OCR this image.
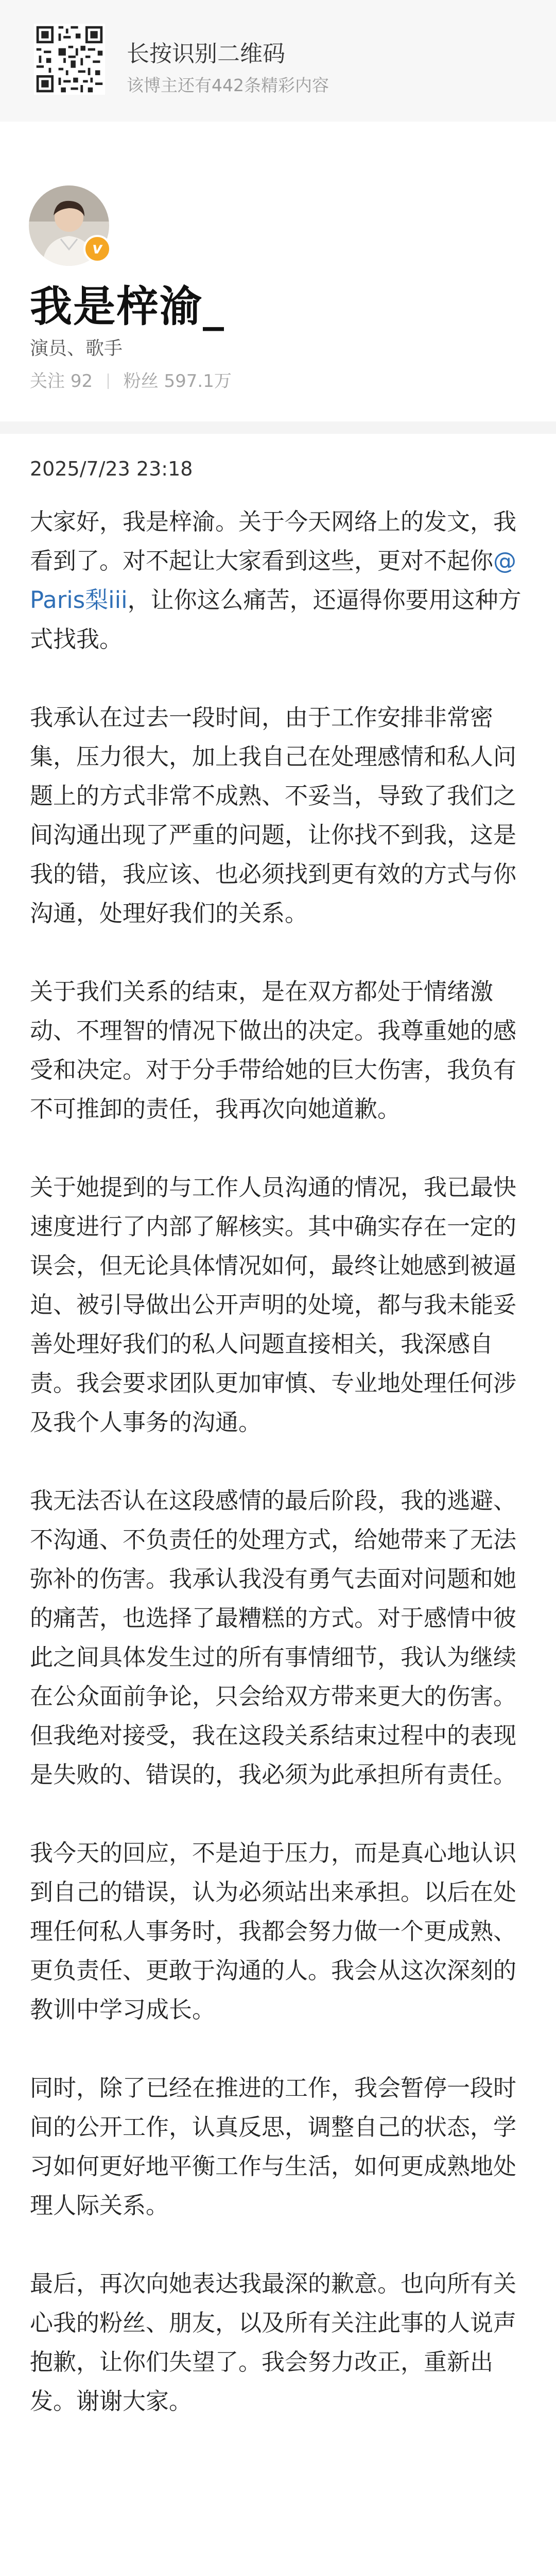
长按识别二维码
该博主还有442条精彩内容
v
我是梓渝_
演员、歌手
关注 92 粉丝 597.1万
2025/7/23 23:18

大家好，我是梓渝。关于今天网络上的发文，我看到了。对不起让大家看到这些，更对不起你@Paris梨iii，让你这么痛苦，还逼得你要用这种方式找我。

我承认在过去一段时间，由于工作安排非常密集，压力很大，加上我自己在处理感情和私人问题上的方式非常不成熟、不妥当，导致了我们之间沟通出现了严重的问题，让你找不到我，这是我的错，我应该、也必须找到更有效的方式与你沟通，处理好我们的关系。

关于我们关系的结束，是在双方都处于情绪激动、不理智的情况下做出的决定。我尊重她的感受和决定。对于分手带给她的巨大伤害，我负有不可推卸的责任，我再次向她道歉。

关于她提到的与工作人员沟通的情况，我已最快速度进行了内部了解核实。其中确实存在一定的误会，但无论具体情况如何，最终让她感到被逼迫、被引导做出公开声明的处境，都与我未能妥善处理好我们的私人问题直接相关，我深感自责。我会要求团队更加审慎、专业地处理任何涉及我个人事务的沟通。

我无法否认在这段感情的最后阶段，我的逃避、不沟通、不负责任的处理方式，给她带来了无法弥补的伤害。我承认我没有勇气去面对问题和她的痛苦，也选择了最糟糕的方式。对于感情中彼此之间具体发生过的所有事情细节，我认为继续在公众面前争论，只会给双方带来更大的伤害。但我绝对接受，我在这段关系结束过程中的表现是失败的、错误的，我必须为此承担所有责任。

我今天的回应，不是迫于压力，而是真心地认识到自己的错误，认为必须站出来承担。以后在处理任何私人事务时，我都会努力做一个更成熟、更负责任、更敢于沟通的人。我会从这次深刻的教训中学习成长。

同时，除了已经在推进的工作，我会暂停一段时间的公开工作，认真反思，调整自己的状态，学习如何更好地平衡工作与生活，如何更成熟地处理人际关系。

最后，再次向她表达我最深的歉意。也向所有关心我的粉丝、朋友，以及所有关注此事的人说声抱歉，让你们失望了。我会努力改正，重新出发。谢谢大家。
